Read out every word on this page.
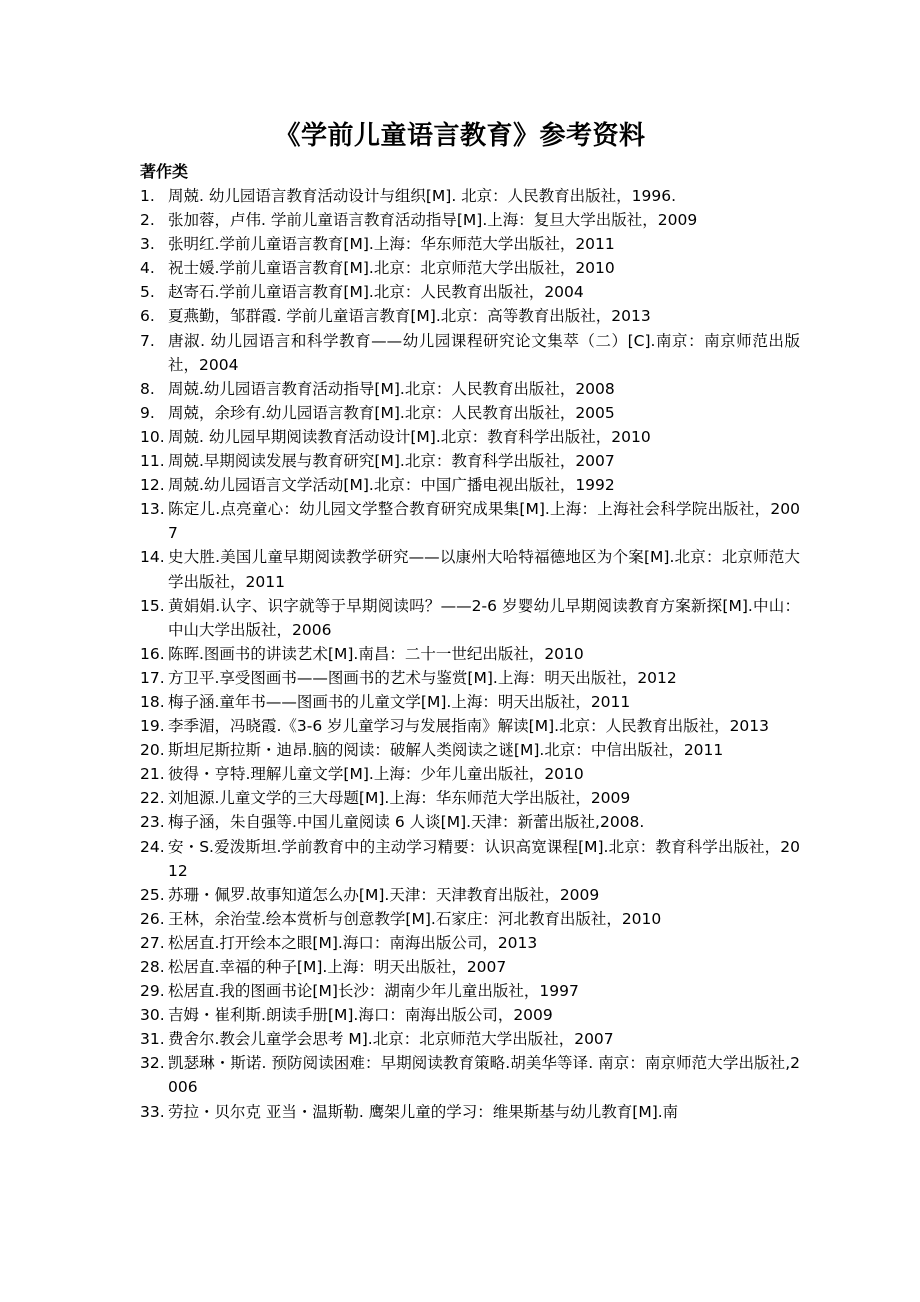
《学前儿童语言教育》参考资料
著作类
1. 周兢. 幼儿园语言教育活动设计与组织[M]. 北京：人民教育出版社，1996.
2. 张加蓉，卢伟. 学前儿童语言教育活动指导[M].上海：复旦大学出版社，2009
3. 张明红.学前儿童语言教育[M].上海：华东师范大学出版社，2011
4. 祝士媛.学前儿童语言教育[M].北京：北京师范大学出版社，2010
5. 赵寄石.学前儿童语言教育[M].北京：人民教育出版社，2004
6. 夏燕勤，邹群霞. 学前儿童语言教育[M].北京：高等教育出版社，2013
7. 唐淑. 幼儿园语言和科学教育——幼儿园课程研究论文集萃（二）[C].南京：南京师范出版社，2004
8. 周兢.幼儿园语言教育活动指导[M].北京：人民教育出版社，2008
9. 周兢，余珍有.幼儿园语言教育[M].北京：人民教育出版社，2005
10. 周兢. 幼儿园早期阅读教育活动设计[M].北京：教育科学出版社，2010
11. 周兢.早期阅读发展与教育研究[M].北京：教育科学出版社，2007
12. 周兢.幼儿园语言文学活动[M].北京：中国广播电视出版社，1992
13. 陈定儿.点亮童心：幼儿园文学整合教育研究成果集[M].上海：上海社会科学院出版社，2007
14. 史大胜.美国儿童早期阅读教学研究——以康州大哈特福德地区为个案[M].北京：北京师范大学出版社，2011
15. 黄娟娟.认字、识字就等于早期阅读吗？——2-6 岁婴幼儿早期阅读教育方案新探[M].中山：中山大学出版社，2006
16. 陈晖.图画书的讲读艺术[M].南昌：二十一世纪出版社，2010
17. 方卫平.享受图画书——图画书的艺术与鉴赏[M].上海：明天出版社，2012
18. 梅子涵.童年书——图画书的儿童文学[M].上海：明天出版社，2011
19. 李季湄，冯晓霞.《3-6 岁儿童学习与发展指南》解读[M].北京：人民教育出版社，2013
20. 斯坦尼斯拉斯・迪昂.脑的阅读：破解人类阅读之谜[M].北京：中信出版社，2011
21. 彼得・亨特.理解儿童文学[M].上海：少年儿童出版社，2010
22. 刘旭源.儿童文学的三大母题[M].上海：华东师范大学出版社，2009
23. 梅子涵，朱自强等.中国儿童阅读 6 人谈[M].天津：新蕾出版社,2008.
24. 安・S.爱泼斯坦.学前教育中的主动学习精要：认识高宽课程[M].北京：教育科学出版社，2012
25. 苏珊・佩罗.故事知道怎么办[M].天津：天津教育出版社，2009
26. 王林，余治莹.绘本赏析与创意教学[M].石家庄：河北教育出版社，2010
27. 松居直.打开绘本之眼[M].海口：南海出版公司，2013
28. 松居直.幸福的种子[M].上海：明天出版社，2007
29. 松居直.我的图画书论[M]长沙：湖南少年儿童出版社，1997
30. 吉姆・崔利斯.朗读手册[M].海口：南海出版公司，2009
31. 费舍尔.教会儿童学会思考 M].北京：北京师范大学出版社，2007
32. 凯瑟琳・斯诺. 预防阅读困难：早期阅读教育策略.胡美华等译. 南京：南京师范大学出版社,2006
33. 劳拉・贝尔克 亚当・温斯勒. 鹰架儿童的学习：维果斯基与幼儿教育[M].南
